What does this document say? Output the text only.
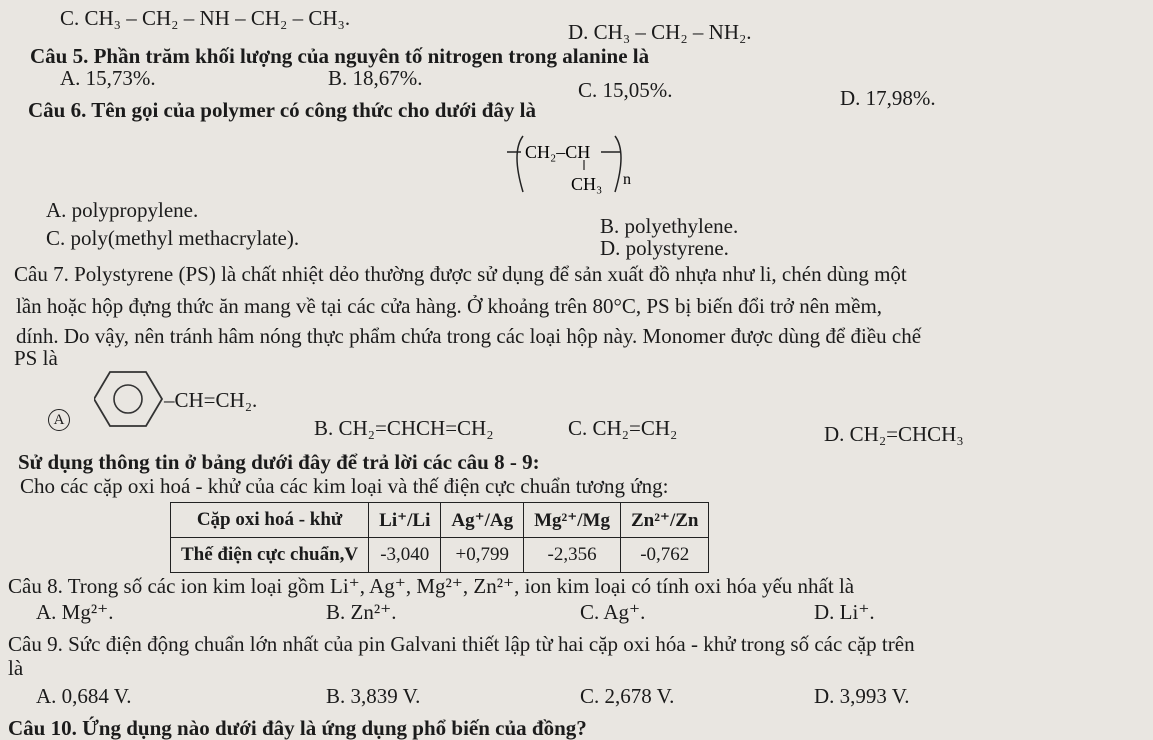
C. CH₃ – CH₂ – NH – CH₂ – CH₃.
D. CH₃ – CH₂ – NH₂.
Câu 5. Phần trăm khối lượng của nguyên tố nitrogen trong alanine là
A. 15,73%.	B. 18,67%.	C. 15,05%.	D. 17,98%.
Câu 6. Tên gọi của polymer có công thức cho dưới đây là
CH₂–CH
CH₃ n
A. polypropylene.
B. polyethylene.
C. poly(methyl methacrylate).	D. polystyrene.
Câu 7. Polystyrene (PS) là chất nhiệt dẻo thường được sử dụng để sản xuất đồ nhựa như li, chén dùng một
lần hoặc hộp đựng thức ăn mang về tại các cửa hàng. Ở khoảng trên 80°C, PS bị biến đổi trở nên mềm,
dính. Do vậy, nên tránh hâm nóng thực phẩm chứa trong các loại hộp này. Monomer được dùng để điều chế
PS là
A
–CH=CH₂.
B. CH₂=CHCH=CH₂	C. CH₂=CH₂	D. CH₂=CHCH₃
Sử dụng thông tin ở bảng dưới đây để trả lời các câu 8 - 9:
Cho các cặp oxi hoá - khử của các kim loại và thế điện cực chuẩn tương ứng:
Cặp oxi hoá - khử	Li⁺/Li	Ag⁺/Ag	Mg²⁺/Mg	Zn²⁺/Zn
Thế điện cực chuẩn,V	-3,040	+0,799	-2,356	-0,762
Câu 8. Trong số các ion kim loại gồm Li⁺, Ag⁺, Mg²⁺, Zn²⁺, ion kim loại có tính oxi hóa yếu nhất là
A. Mg²⁺.	B. Zn²⁺.	C. Ag⁺.	D. Li⁺.
Câu 9. Sức điện động chuẩn lớn nhất của pin Galvani thiết lập từ hai cặp oxi hóa - khử trong số các cặp trên
là
A. 0,684 V.	B. 3,839 V.	C. 2,678 V.	D. 3,993 V.
Câu 10. Ứng dụng nào dưới đây là ứng dụng phổ biến của đồng?
